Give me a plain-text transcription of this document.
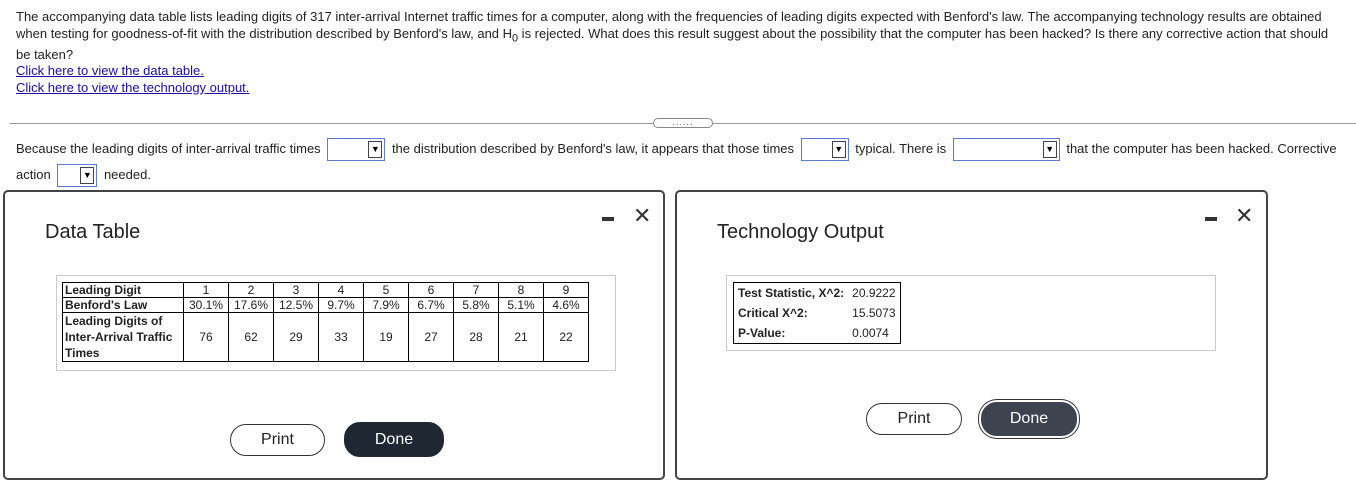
The accompanying data table lists leading digits of 317 inter-arrival Internet traffic times for a computer, along with the frequencies of leading digits expected with Benford's law. The accompanying technology results are obtained when testing for goodness-of-fit with the distribution described by Benford's law, and $H_0$ is rejected. What does this result suggest about the possibility that the computer has been hacked? Is there any corrective action that should be taken?
Click here to view the data table.
Click here to view the technology output.
......
Because the leading digits of inter-arrival traffic times	▼ the distribution described by Benford's law, it appears that those times	▼ typical. There is	▼ that the computer has been hacked. Corrective action	▼ needed.
Data Table
✕
Leading Digit	1	2	3	4	5	6	7	8	9
Benford's Law	30.1%	17.6%	12.5%	9.7%	7.9%	6.7%	5.8%	5.1%	4.6%
Leading Digits of Inter-Arrival Traffic Times	76	62	29	33	19	27	28	21	22
Print	Done
Technology Output
✕
Test Statistic, X^2:	20.9222
Critical X^2:	15.5073
P-Value:	0.0074
Print	Done
